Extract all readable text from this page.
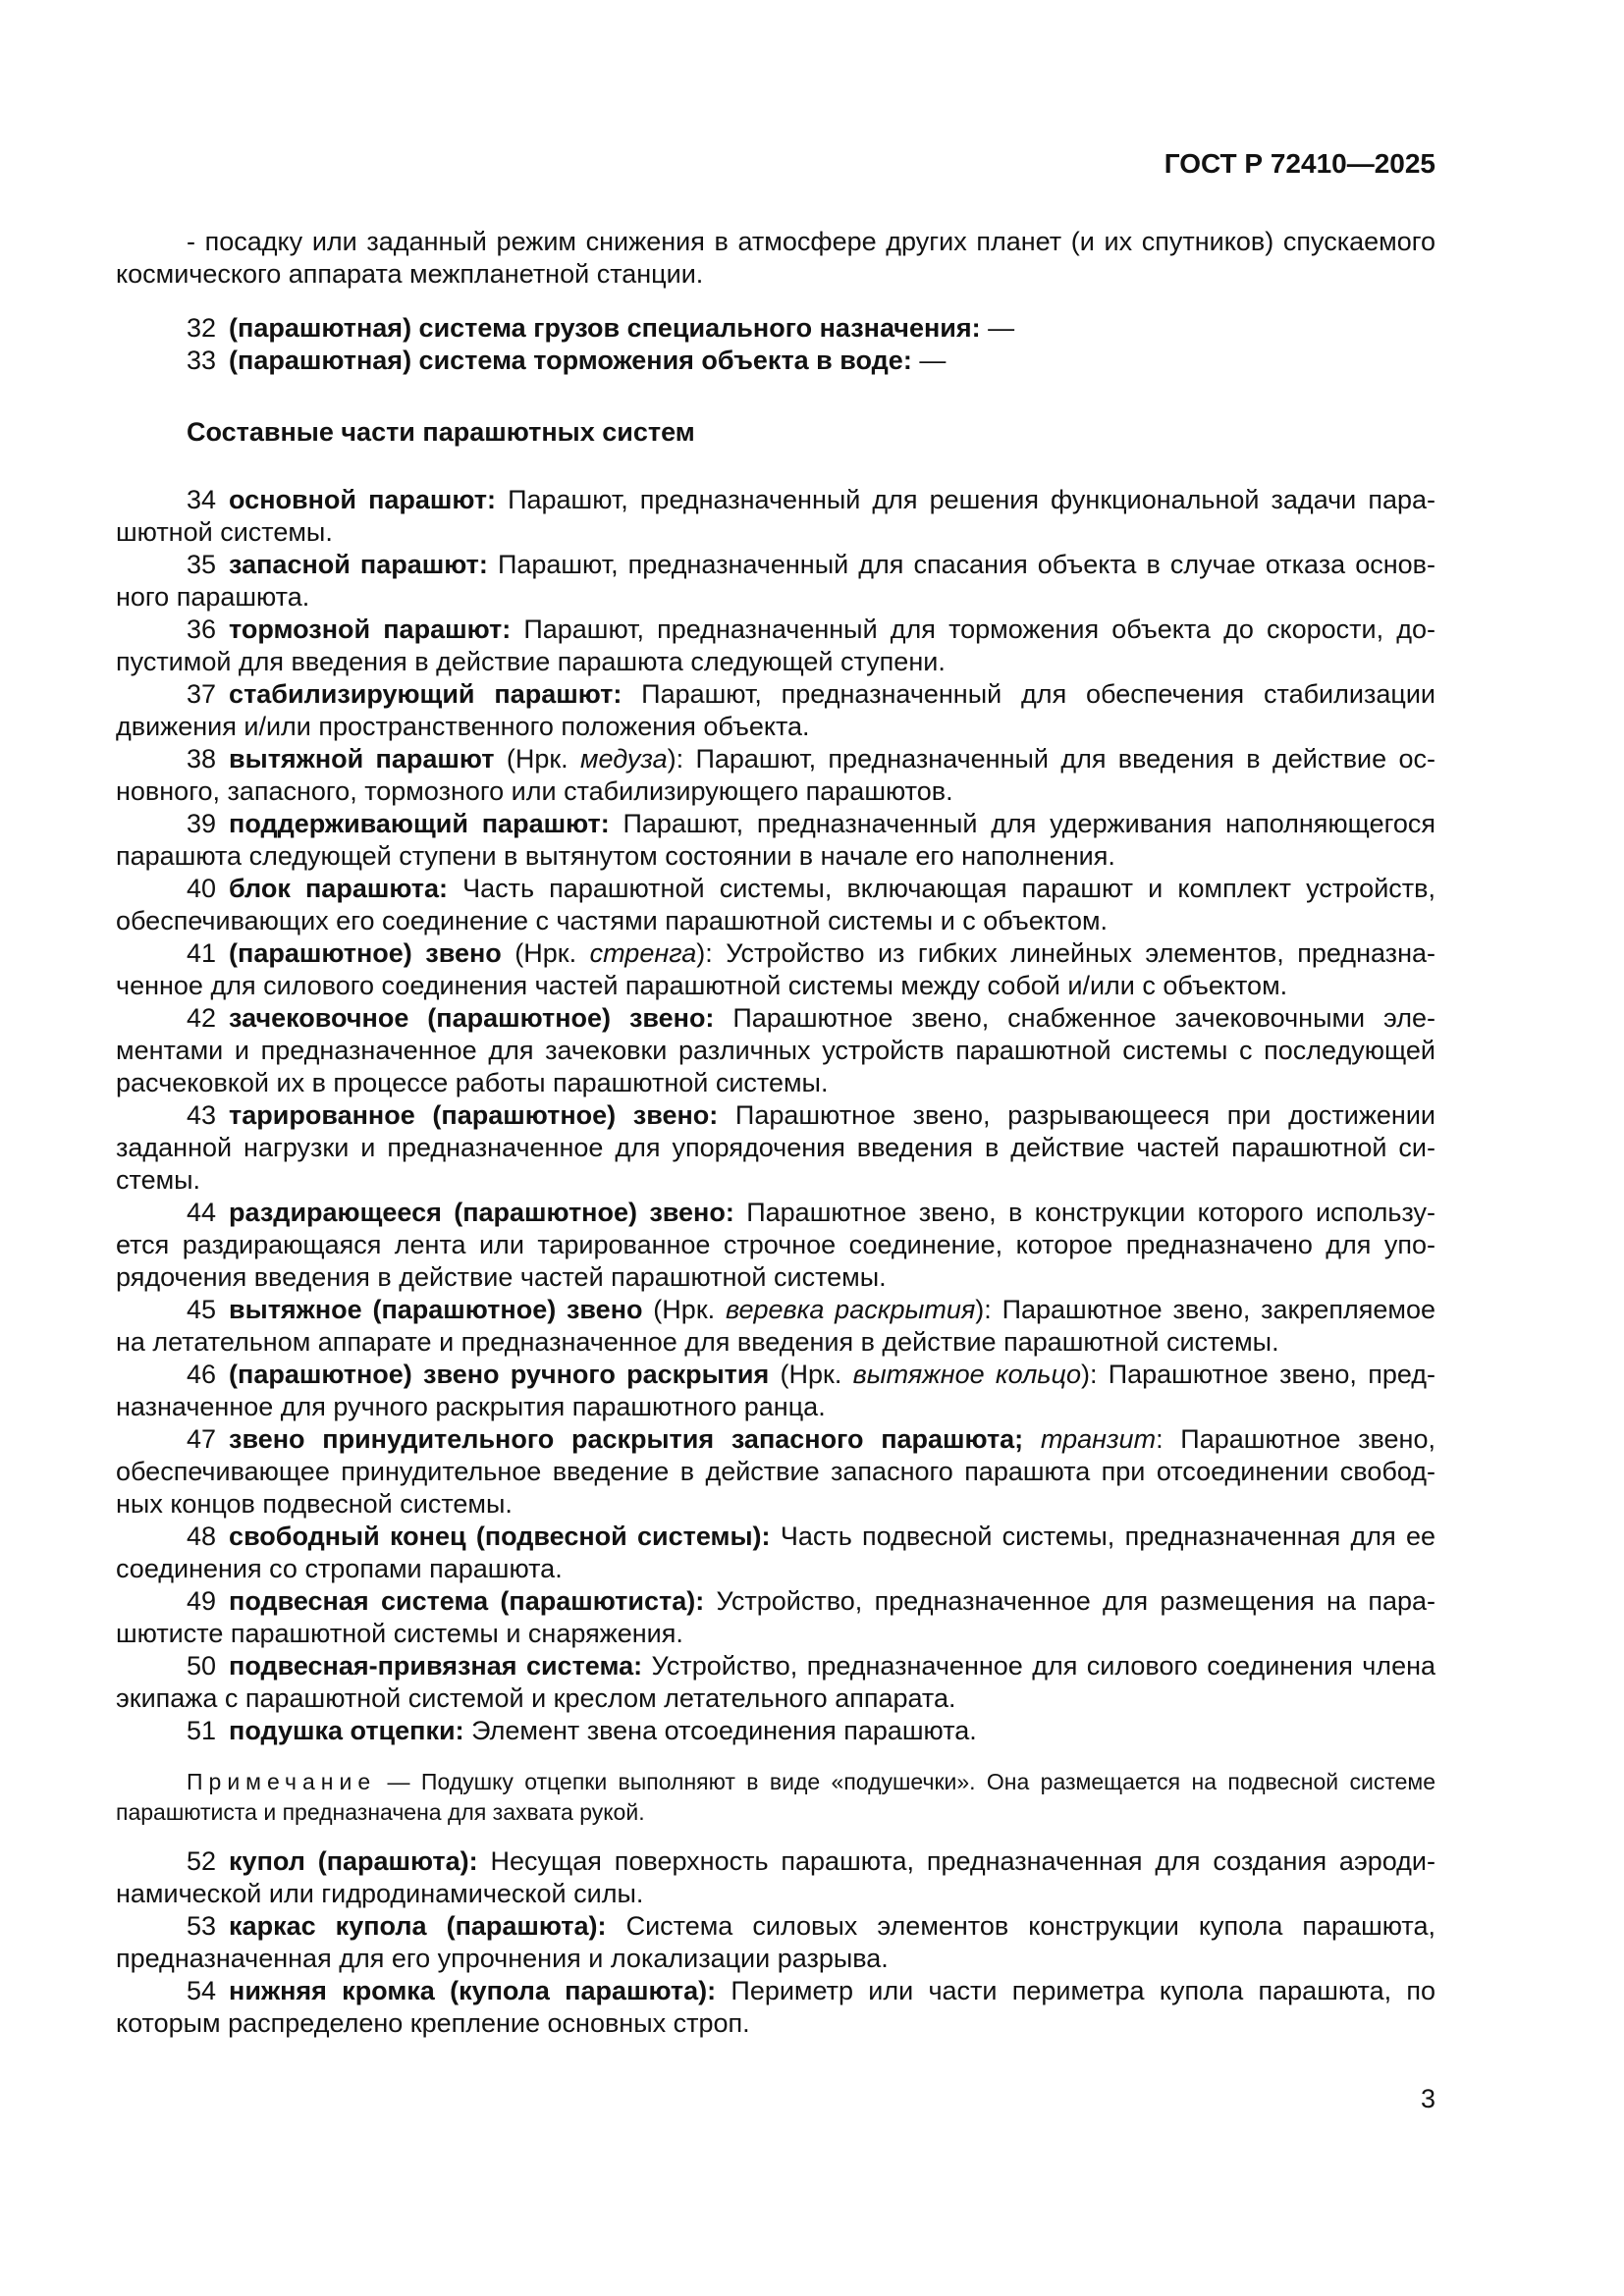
ГОСТ Р 72410—2025

- посадку или заданный режим снижения в атмосфере других планет (и их спутников) спускаемого космического аппарата межпланетной станции.

32 (парашютная) система грузов специального назначения: —

33 (парашютная) система торможения объекта в воде: —

Составные части парашютных систем

34 основной парашют: Парашют, предназначенный для решения функциональной задачи парашютной системы.

35 запасной парашют: Парашют, предназначенный для спасания объекта в случае отказа основного парашюта.

36 тормозной парашют: Парашют, предназначенный для торможения объекта до скорости, допустимой для введения в действие парашюта следующей ступени.

37 стабилизирующий парашют: Парашют, предназначенный для обеспечения стабилизации движения и/или пространственного положения объекта.

38 вытяжной парашют (Нрк. медуза): Парашют, предназначенный для введения в действие основного, запасного, тормозного или стабилизирующего парашютов.

39 поддерживающий парашют: Парашют, предназначенный для удерживания наполняющегося парашюта следующей ступени в вытянутом состоянии в начале его наполнения.

40 блок парашюта: Часть парашютной системы, включающая парашют и комплект устройств, обеспечивающих его соединение с частями парашютной системы и с объектом.

41 (парашютное) звено (Нрк. стренга): Устройство из гибких линейных элементов, предназначенное для силового соединения частей парашютной системы между собой и/или с объектом.

42 зачековочное (парашютное) звено: Парашютное звено, снабженное зачековочными элементами и предназначенное для зачековки различных устройств парашютной системы с последующей расчековкой их в процессе работы парашютной системы.

43 тарированное (парашютное) звено: Парашютное звено, разрывающееся при достижении заданной нагрузки и предназначенное для упорядочения введения в действие частей парашютной системы.

44 раздирающееся (парашютное) звено: Парашютное звено, в конструкции которого используется раздирающаяся лента или тарированное строчное соединение, которое предназначено для упорядочения введения в действие частей парашютной системы.

45 вытяжное (парашютное) звено (Нрк. веревка раскрытия): Парашютное звено, закрепляемое на летательном аппарате и предназначенное для введения в действие парашютной системы.

46 (парашютное) звено ручного раскрытия (Нрк. вытяжное кольцо): Парашютное звено, предназначенное для ручного раскрытия парашютного ранца.

47 звено принудительного раскрытия запасного парашюта; транзит: Парашютное звено, обеспечивающее принудительное введение в действие запасного парашюта при отсоединении свободных концов подвесной системы.

48 свободный конец (подвесной системы): Часть подвесной системы, предназначенная для ее соединения со стропами парашюта.

49 подвесная система (парашютиста): Устройство, предназначенное для размещения на парашютисте парашютной системы и снаряжения.

50 подвесная-привязная система: Устройство, предназначенное для силового соединения члена экипажа с парашютной системой и креслом летательного аппарата.

51 подушка отцепки: Элемент звена отсоединения парашюта.

Примечание — Подушку отцепки выполняют в виде «подушечки». Она размещается на подвесной системе парашютиста и предназначена для захвата рукой.

52 купол (парашюта): Несущая поверхность парашюта, предназначенная для создания аэродинамической или гидродинамической силы.

53 каркас купола (парашюта): Система силовых элементов конструкции купола парашюта, предназначенная для его упрочнения и локализации разрыва.

54 нижняя кромка (купола парашюта): Периметр или части периметра купола парашюта, по которым распределено крепление основных строп.

3
